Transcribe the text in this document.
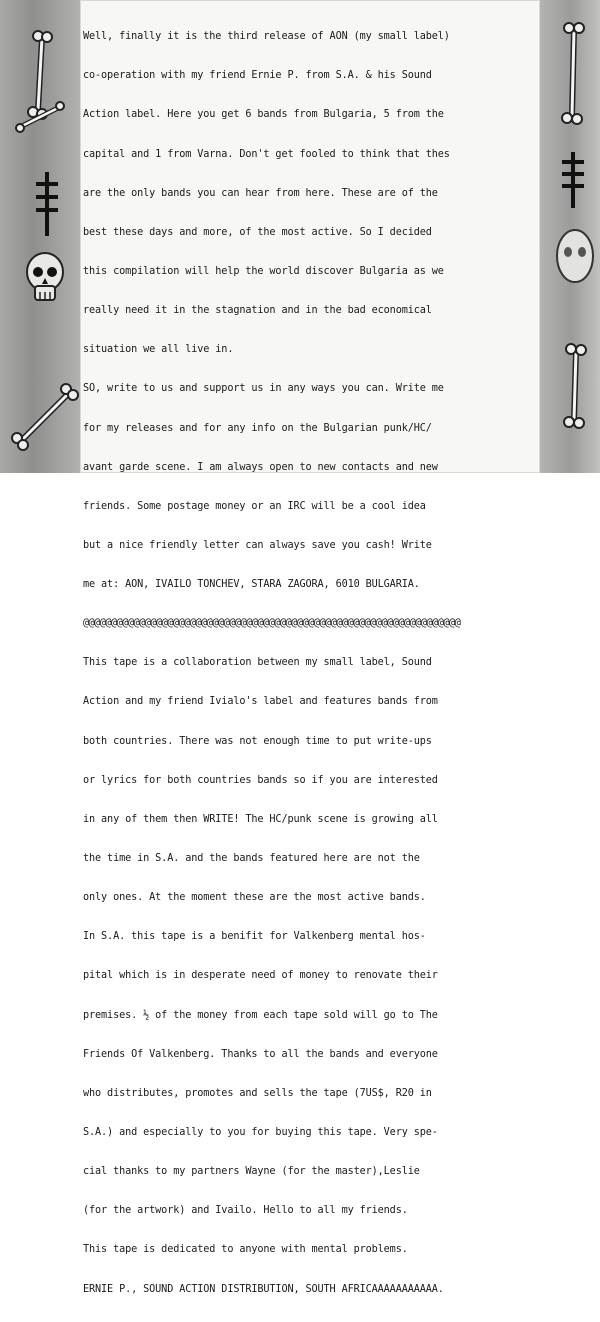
Well, finally it is the third release of AON (my small label)

co-operation with my friend Ernie P. from S.A. & his Sound

Action label. Here you get 6 bands from Bulgaria, 5 from the

capital and 1 from Varna. Don't get fooled to think that thes

are the only bands you can hear from here. These are of the

best these days and more, of the most active. So I decided

this compilation will help the world discover Bulgaria as we

really need it in the stagnation and in the bad economical

situation we all live in.

SO, write to us and support us in any ways you can. Write me

for my releases and for any info on the Bulgarian punk/HC/

avant garde scene. I am always open to new contacts and new

friends. Some postage money or an IRC will be a cool idea

but a nice friendly letter can always save you cash! Write

me at: AON, IVAILO TONCHEV, STARA ZAGORA, 6010 BULGARIA.

@@@@@@@@@@@@@@@@@@@@@@@@@@@@@@@@@@@@@@@@@@@@@@@@@@@@@@@@@@@@@@@@@@@

This tape is a collaboration between my small label, Sound

Action and my friend Ivialo's label and features bands from

both countries. There was not enough time to put write-ups

or lyrics for both countries bands so if you are interested

in any of them then WRITE! The HC/punk scene is growing all

the time in S.A. and the bands featured here are not the

only ones. At the moment these are the most active bands.

In S.A. this tape is a benifit for Valkenberg mental hos-

pital which is in desperate need of money to renovate their

premises. ½ of the money from each tape sold will go to The

Friends Of Valkenberg. Thanks to all the bands and everyone

who distributes, promotes and sells the tape (7US$, R20 in

S.A.) and especially to you for buying this tape. Very spe-

cial thanks to my partners Wayne (for the master),Leslie

(for the artwork) and Ivailo. Hello to all my friends.

This tape is dedicated to anyone with mental problems.

ERNIE P., SOUND ACTION DISTRIBUTION, SOUTH AFRICAAAAAAAAAAA.
